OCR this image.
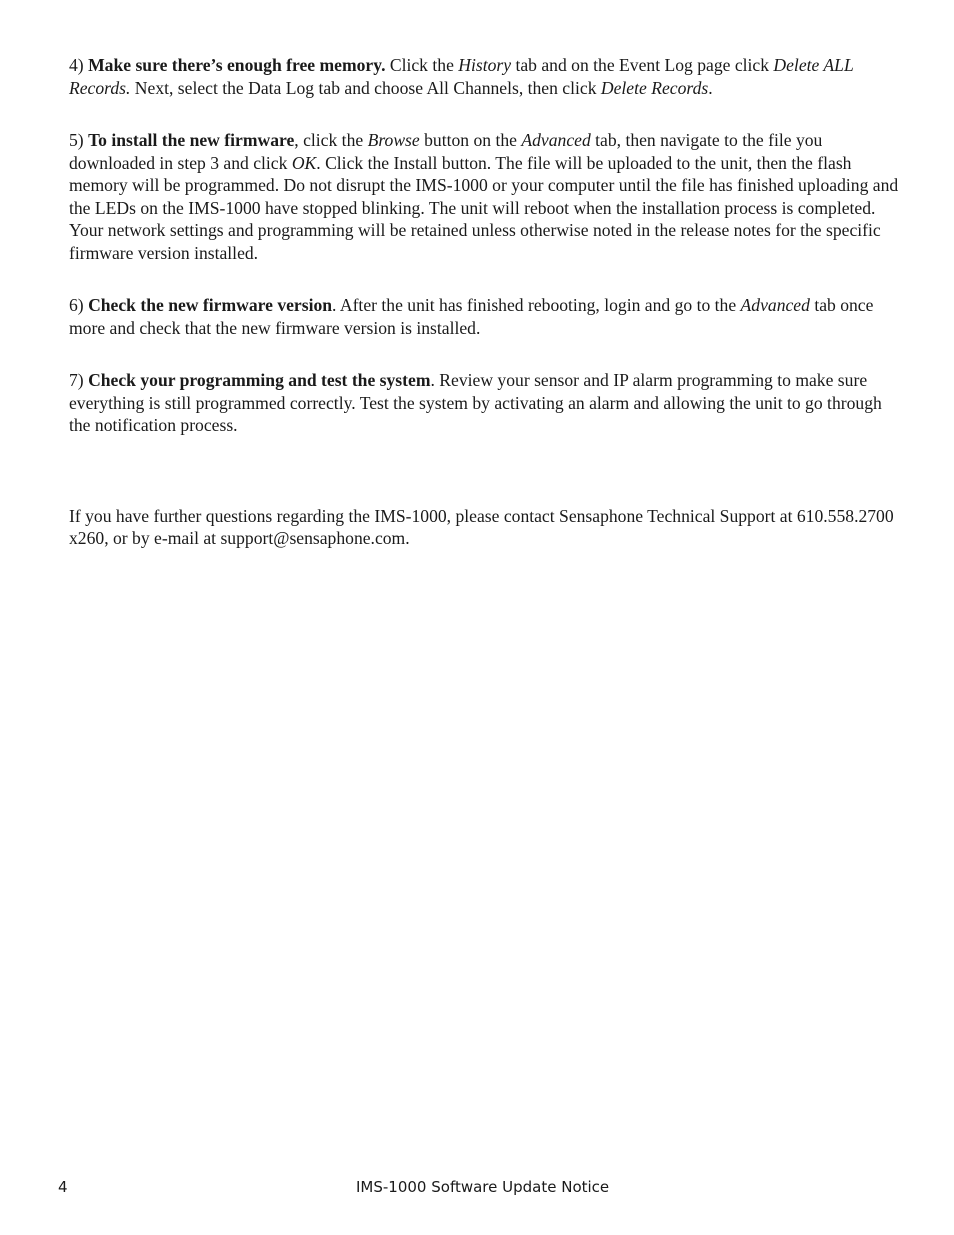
4) Make sure there’s enough free memory. Click the History tab and on the Event Log page click Delete ALL Records. Next, select the Data Log tab and choose All Channels, then click Delete Records.

5) To install the new firmware, click the Browse button on the Advanced tab, then navigate to the file you downloaded in step 3 and click OK. Click the Install button. The file will be uploaded to the unit, then the flash memory will be programmed. Do not disrupt the IMS-1000 or your computer until the file has finished uploading and the LEDs on the IMS-1000 have stopped blinking. The unit will reboot when the installation process is completed. Your network settings and programming will be retained unless otherwise noted in the release notes for the specific firmware version installed.

6) Check the new firmware version. After the unit has finished rebooting, login and go to the Advanced tab once more and check that the new firmware version is installed.

7) Check your programming and test the system. Review your sensor and IP alarm programming to make sure everything is still programmed correctly. Test the system by activating an alarm and allowing the unit to go through the notification process.

If you have further questions regarding the IMS-1000, please contact Sensaphone Technical Support at 610.558.2700 x260, or by e-mail at support@sensaphone.com.

4	IMS-1000 Software Update Notice
